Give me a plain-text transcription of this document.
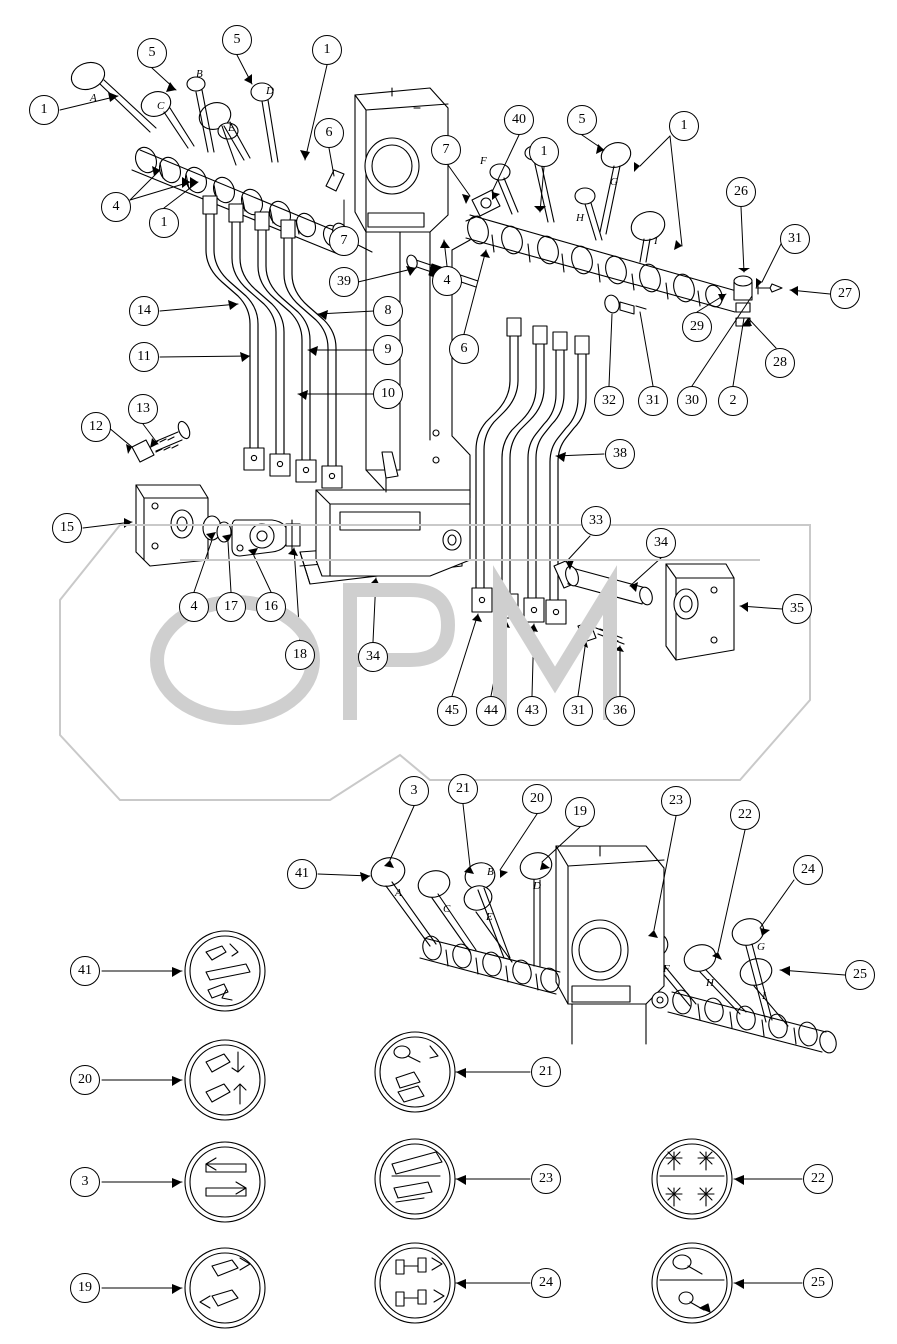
1
5
5
1
6
4
1
7
39
7
40
1
5	1
26
31
27
28
29
2
30
31
32
4
6
14
11
8
9
10
13
12
15
4	17	16
18	34
38
33
34
35
45	44	43	31	36
3	21
20
19
23
22
24
25
41
41
20
21
3	23	22
19	24	25
A
B
C
D
E
F
G
H
I
A
B
C
D
E
F
G
H
I
